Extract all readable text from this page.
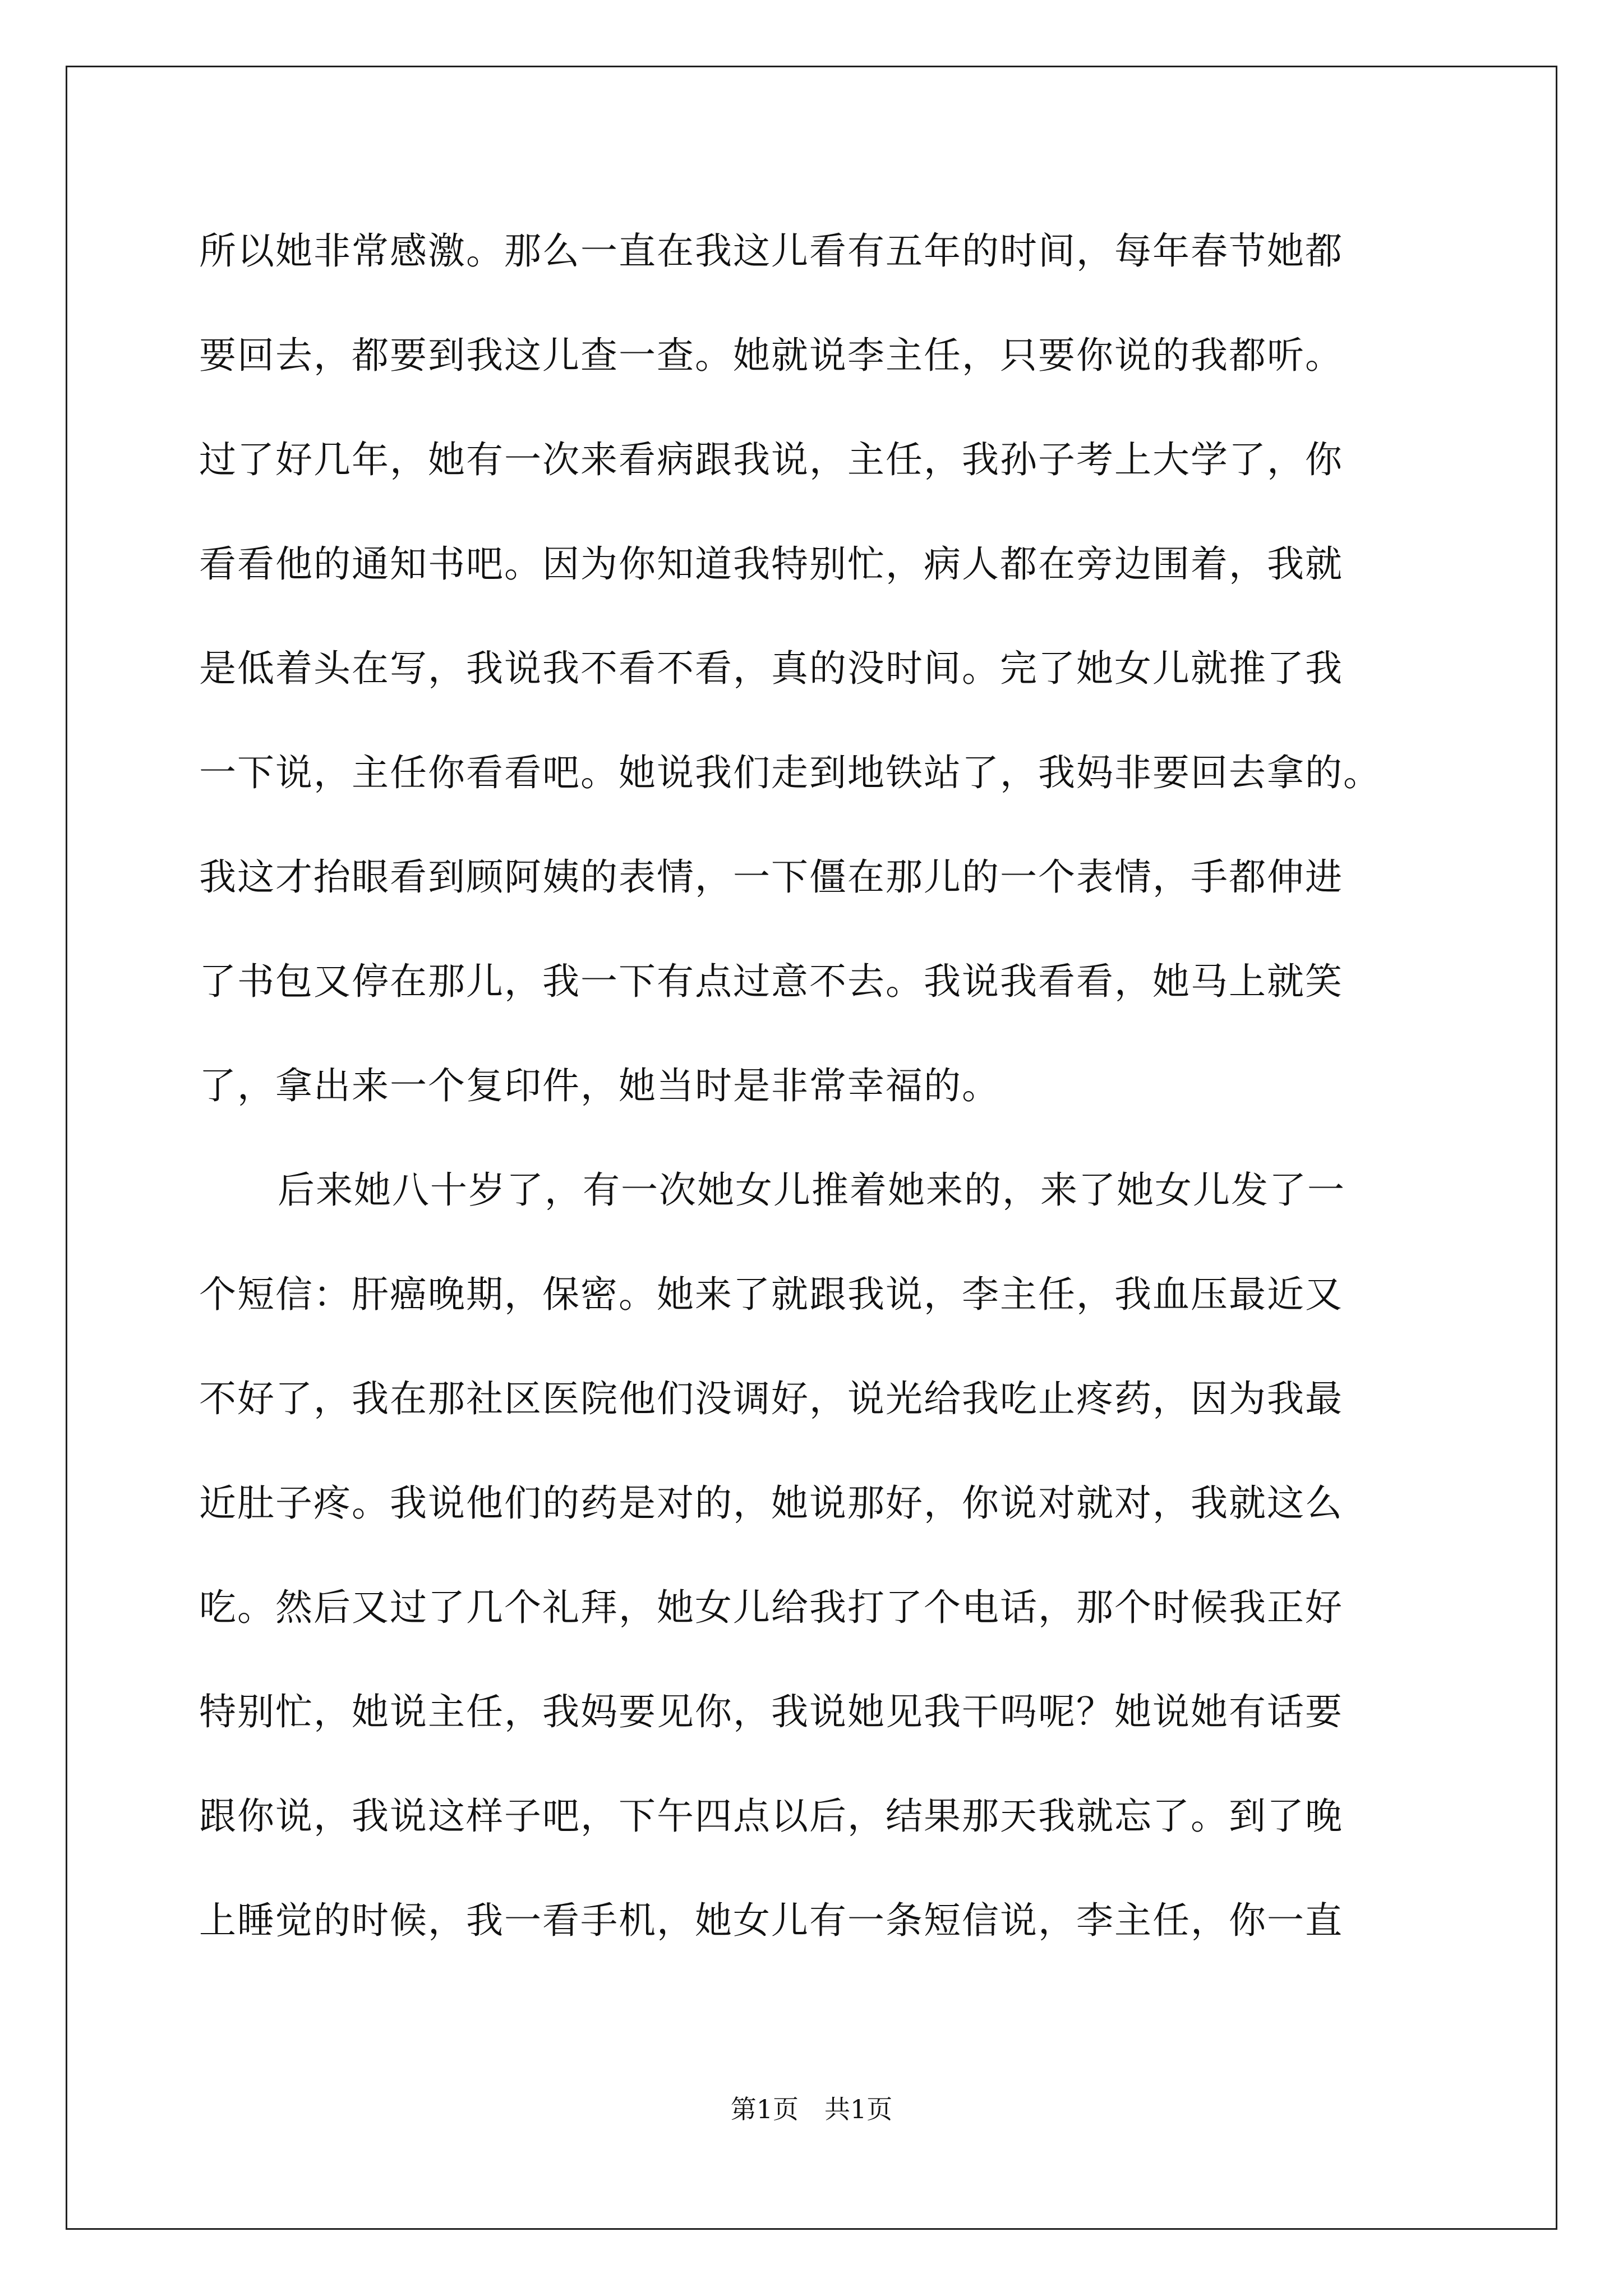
所以她非常感激。那么一直在我这儿看有五年的时间，每年春节她都
要回去，都要到我这儿查一查。她就说李主任，只要你说的我都听。
过了好几年，她有一次来看病跟我说，主任，我孙子考上大学了，你
看看他的通知书吧。因为你知道我特别忙，病人都在旁边围着，我就
是低着头在写，我说我不看不看，真的没时间。完了她女儿就推了我
一下说，主任你看看吧。她说我们走到地铁站了，我妈非要回去拿的。
我这才抬眼看到顾阿姨的表情，一下僵在那儿的一个表情，手都伸进
了书包又停在那儿，我一下有点过意不去。我说我看看，她马上就笑
了，拿出来一个复印件，她当时是非常幸福的。
后来她八十岁了，有一次她女儿推着她来的，来了她女儿发了一
个短信：肝癌晚期，保密。她来了就跟我说，李主任，我血压最近又
不好了，我在那社区医院他们没调好，说光给我吃止疼药，因为我最
近肚子疼。我说他们的药是对的，她说那好，你说对就对，我就这么
吃。然后又过了几个礼拜，她女儿给我打了个电话，那个时候我正好
特别忙，她说主任，我妈要见你，我说她见我干吗呢？她说她有话要
跟你说，我说这样子吧，下午四点以后，结果那天我就忘了。到了晚
上睡觉的时候，我一看手机，她女儿有一条短信说，李主任，你一直
第1页　共1页
